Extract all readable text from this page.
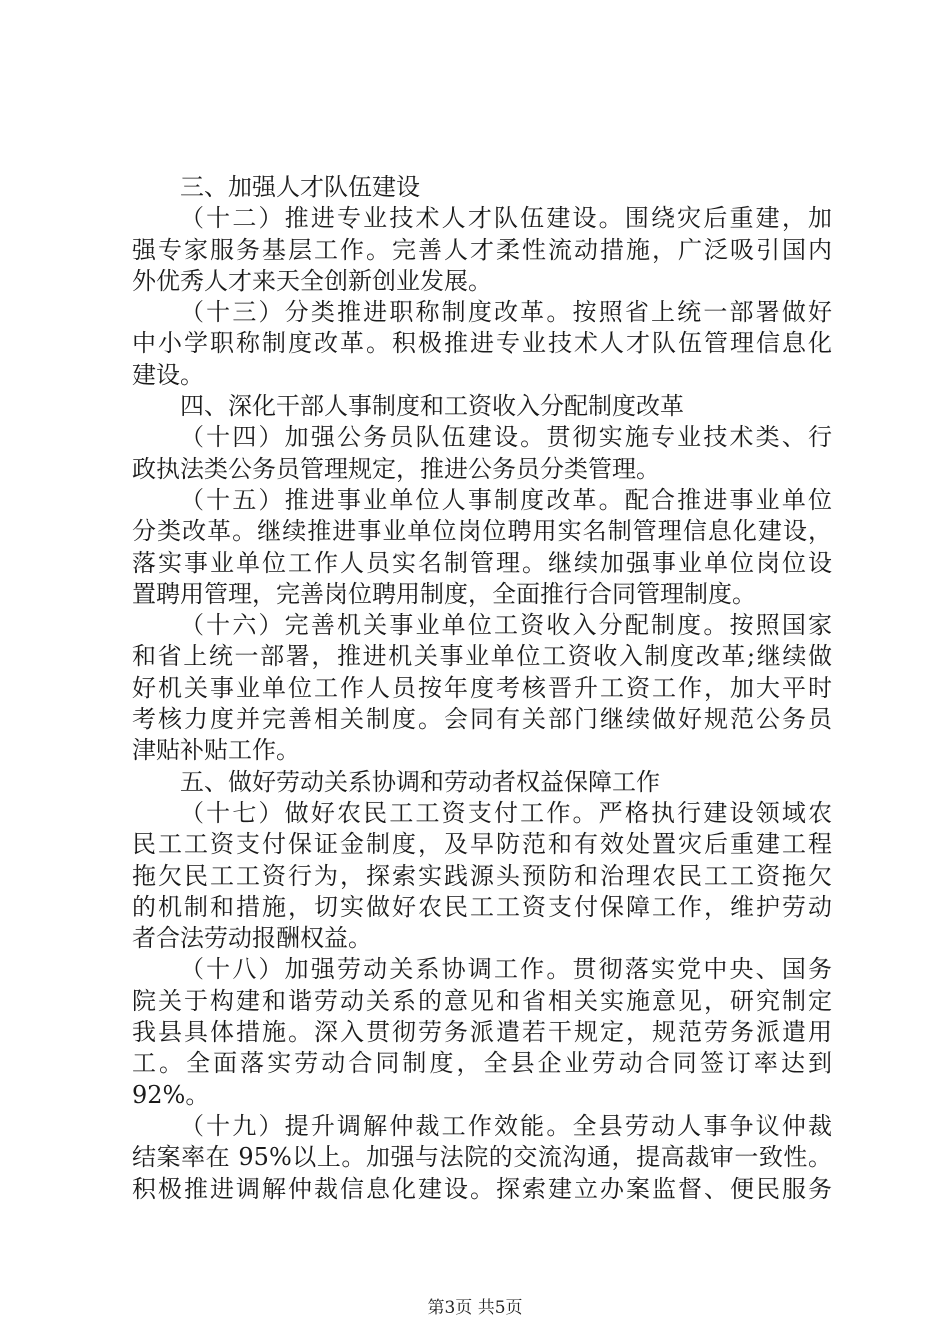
三、加强人才队伍建设
（十二）推进专业技术人才队伍建设。围绕灾后重建，加
强专家服务基层工作。完善人才柔性流动措施，广泛吸引国内
外优秀人才来天全创新创业发展。
（十三）分类推进职称制度改革。按照省上统一部署做好
中小学职称制度改革。积极推进专业技术人才队伍管理信息化
建设。
四、深化干部人事制度和工资收入分配制度改革
（十四）加强公务员队伍建设。贯彻实施专业技术类、行
政执法类公务员管理规定，推进公务员分类管理。
（十五）推进事业单位人事制度改革。配合推进事业单位
分类改革。继续推进事业单位岗位聘用实名制管理信息化建设，
落实事业单位工作人员实名制管理。继续加强事业单位岗位设
置聘用管理，完善岗位聘用制度，全面推行合同管理制度。
（十六）完善机关事业单位工资收入分配制度。按照国家
和省上统一部署，推进机关事业单位工资收入制度改革;继续做
好机关事业单位工作人员按年度考核晋升工资工作，加大平时
考核力度并完善相关制度。会同有关部门继续做好规范公务员
津贴补贴工作。
五、做好劳动关系协调和劳动者权益保障工作
（十七）做好农民工工资支付工作。严格执行建设领域农
民工工资支付保证金制度，及早防范和有效处置灾后重建工程
拖欠民工工资行为，探索实践源头预防和治理农民工工资拖欠
的机制和措施，切实做好农民工工资支付保障工作，维护劳动
者合法劳动报酬权益。
（十八）加强劳动关系协调工作。贯彻落实党中央、国务
院关于构建和谐劳动关系的意见和省相关实施意见，研究制定
我县具体措施。深入贯彻劳务派遣若干规定，规范劳务派遣用
工。全面落实劳动合同制度，全县企业劳动合同签订率达到
92%。
（十九）提升调解仲裁工作效能。全县劳动人事争议仲裁
结案率在 95%以上。加强与法院的交流沟通，提高裁审一致性。
积极推进调解仲裁信息化建设。探索建立办案监督、便民服务
第3页 共5页
